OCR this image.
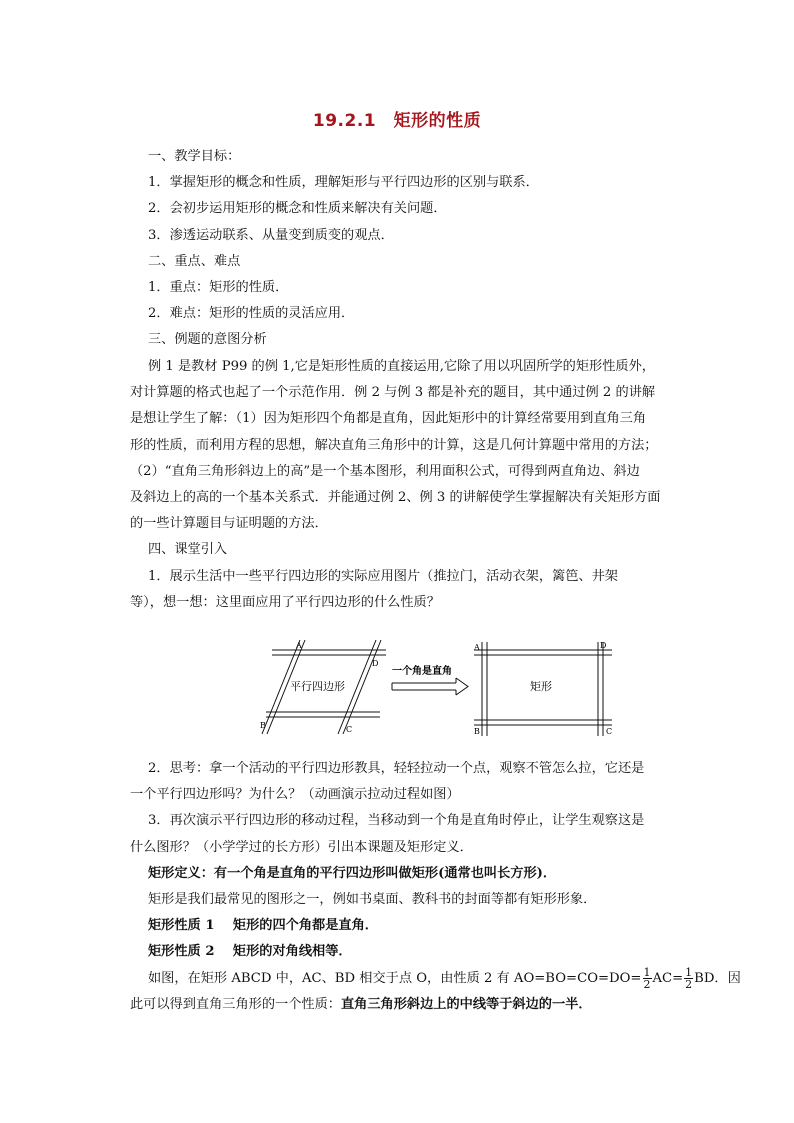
19.2.1　矩形的性质

一、教学目标：

1．掌握矩形的概念和性质，理解矩形与平行四边形的区别与联系．

2．会初步运用矩形的概念和性质来解决有关问题．

3．渗透运动联系、从量变到质变的观点．

二、重点、难点

1．重点：矩形的性质．

2．难点：矩形的性质的灵活应用．

三、例题的意图分析

例 1 是教材 P99 的例 1,它是矩形性质的直接运用,它除了用以巩固所学的矩形性质外，

对计算题的格式也起了一个示范作用．例 2 与例 3 都是补充的题目，其中通过例 2 的讲解

是想让学生了解：（1）因为矩形四个角都是直角，因此矩形中的计算经常要用到直角三角

形的性质，而利用方程的思想，解决直角三角形中的计算，这是几何计算题中常用的方法；

（2）“直角三角形斜边上的高”是一个基本图形，利用面积公式，可得到两直角边、斜边

及斜边上的高的一个基本关系式．并能通过例 2、例 3 的讲解使学生掌握解决有关矩形方面

的一些计算题目与证明题的方法．

四、课堂引入

1．展示生活中一些平行四边形的实际应用图片（推拉门，活动衣架，篱笆、井架

等），想一想：这里面应用了平行四边形的什么性质？

A
D
B	C
平行四边形
一个角是直角
A	D
B	C
矩形

2．思考：拿一个活动的平行四边形教具，轻轻拉动一个点，观察不管怎么拉，它还是

一个平行四边形吗？为什么？（动画演示拉动过程如图）

3．再次演示平行四边形的移动过程，当移动到一个角是直角时停止，让学生观察这是

什么图形？（小学学过的长方形）引出本课题及矩形定义．

矩形定义：有一个角是直角的平行四边形叫做矩形(通常也叫长方形)．

矩形是我们最常见的图形之一，例如书桌面、教科书的封面等都有矩形形象．

矩形性质 1 矩形的四个角都是直角．

矩形性质 2 矩形的对角线相等．

如图，在矩形 ABCD 中，AC、BD 相交于点 O，由性质 2 有 $AO=BO=CO=DO= \frac{1}{2} AC= \frac{1}{2}$ BD．因

此可以得到直角三角形的一个性质：直角三角形斜边上的中线等于斜边的一半．
